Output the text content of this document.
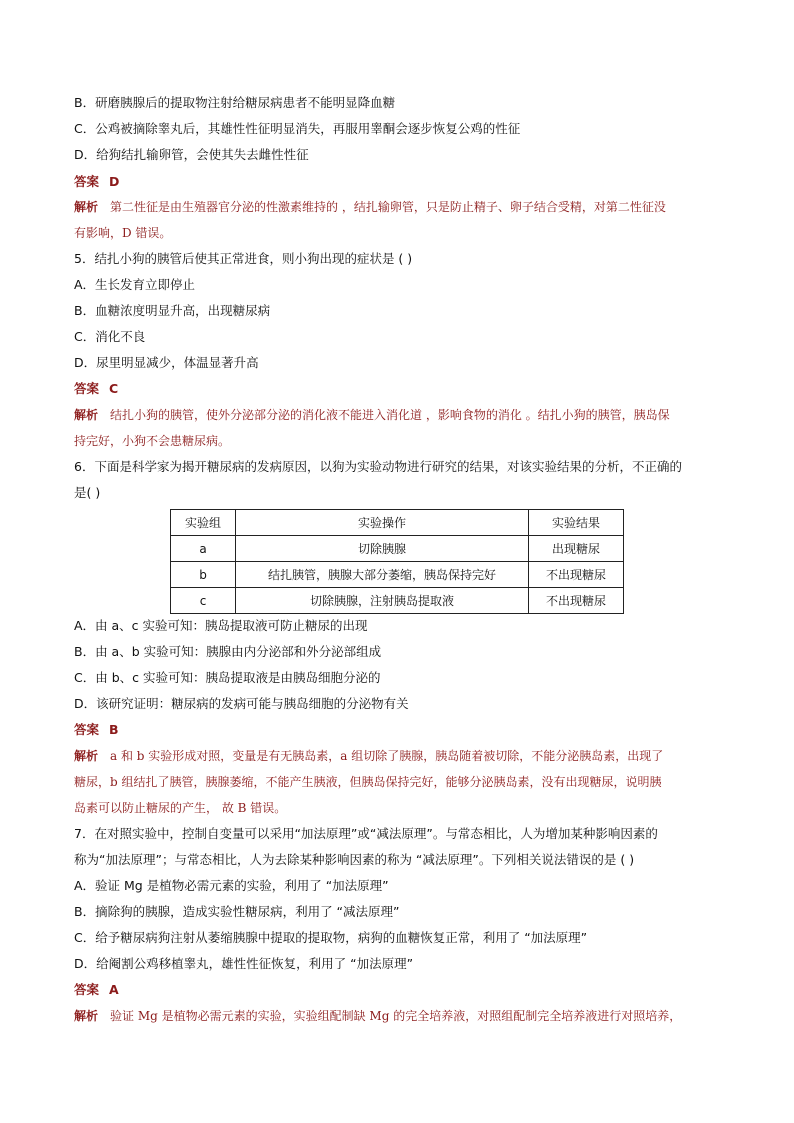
B．研磨胰腺后的提取物注射给糖尿病患者不能明显降血糖
C．公鸡被摘除睾丸后，其雄性性征明显消失，再服用睾酮会逐步恢复公鸡的性征
D．给狗结扎输卵管，会使其失去雌性性征
答案 D
解析 第二性征是由生殖器官分泌的性激素维持的 ，结扎输卵管，只是防止精子、卵子结合受精，对第二性征没
有影响，D 错误。
5．结扎小狗的胰管后使其正常进食，则小狗出现的症状是 ( )
A．生长发育立即停止
B．血糖浓度明显升高，出现糖尿病
C．消化不良
D．尿里明显减少，体温显著升高
答案 C
解析 结扎小狗的胰管，使外分泌部分泌的消化液不能进入消化道 ，影响食物的消化 。结扎小狗的胰管，胰岛保
持完好，小狗不会患糖尿病。
6．下面是科学家为揭开糖尿病的发病原因，以狗为实验动物进行研究的结果，对该实验结果的分析，不正确的
是( )
实验组	实验操作	实验结果
a	切除胰腺	出现糖尿
b	结扎胰管，胰腺大部分萎缩，胰岛保持完好	不出现糖尿
c	切除胰腺，注射胰岛提取液	不出现糖尿
A．由 a、c 实验可知：胰岛提取液可防止糖尿的出现
B．由 a、b 实验可知：胰腺由内分泌部和外分泌部组成
C．由 b、c 实验可知：胰岛提取液是由胰岛细胞分泌的
D．该研究证明：糖尿病的发病可能与胰岛细胞的分泌物有关
答案 B
解析 a 和 b 实验形成对照，变量是有无胰岛素，a 组切除了胰腺，胰岛随着被切除，不能分泌胰岛素，出现了
糖尿，b 组结扎了胰管，胰腺萎缩，不能产生胰液，但胰岛保持完好，能够分泌胰岛素，没有出现糖尿，说明胰
岛素可以防止糖尿的产生， 故 B 错误。
7．在对照实验中，控制自变量可以采用“加法原理”或“减法原理”。与常态相比，人为增加某种影响因素的
称为“加法原理”；与常态相比，人为去除某种影响因素的称为 “减法原理”。下列相关说法错误的是 ( )
A．验证 Mg 是植物必需元素的实验，利用了 “加法原理”
B．摘除狗的胰腺，造成实验性糖尿病，利用了 “减法原理”
C．给予糖尿病狗注射从萎缩胰腺中提取的提取物，病狗的血糖恢复正常，利用了 “加法原理”
D．给阉割公鸡移植睾丸，雄性性征恢复，利用了 “加法原理”
答案 A
解析 验证 Mg 是植物必需元素的实验，实验组配制缺 Mg 的完全培养液，对照组配制完全培养液进行对照培养，
